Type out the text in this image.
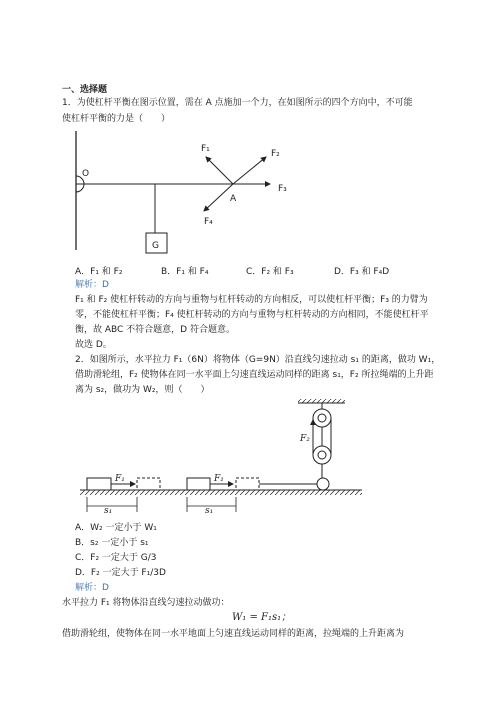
一、选择题
1．为使杠杆平衡在图示位置，需在 A 点施加一个力，在如图所示的四个方向中，不可能
使杠杆平衡的力是（　　）
O
A
G
F₁	F₂
F₃
F₄
A．F₁ 和 F₂	B．F₁ 和 F₄	C．F₂ 和 F₃	D．F₃ 和 F₄D
解析：D
F₁ 和 F₂ 使杠杆转动的方向与重物与杠杆转动的方向相反，可以使杠杆平衡；F₃ 的力臂为
零，不能使杠杆平衡；F₄ 使杠杆转动的方向与重物与杠杆转动的方向相同，不能使杠杆平
衡，故 ABC 不符合题意，D 符合题意。
故选 D。
2．如图所示，水平拉力 F₁（6N）将物体（G=9N）沿直线匀速拉动 s₁ 的距离，做功 W₁，
借助滑轮组，F₂ 使物体在同一水平面上匀速直线运动同样的距离 s₁，F₂ 所拉绳端的上升距
离为 s₂，做功为 W₂，则（　　）
F₁
s₁
F₁
s₁
F₂
A．W₂ 一定小于 W₁
B．s₂ 一定小于 s₁
C．F₂ 一定大于 G/3
D．F₂ 一定大于 F₁/3D
解析：D
水平拉力 F₁ 将物体沿直线匀速拉动做功：
W₁ = F₁s₁；
借助滑轮组，使物体在同一水平地面上匀速直线运动同样的距离，拉绳端的上升距离为
